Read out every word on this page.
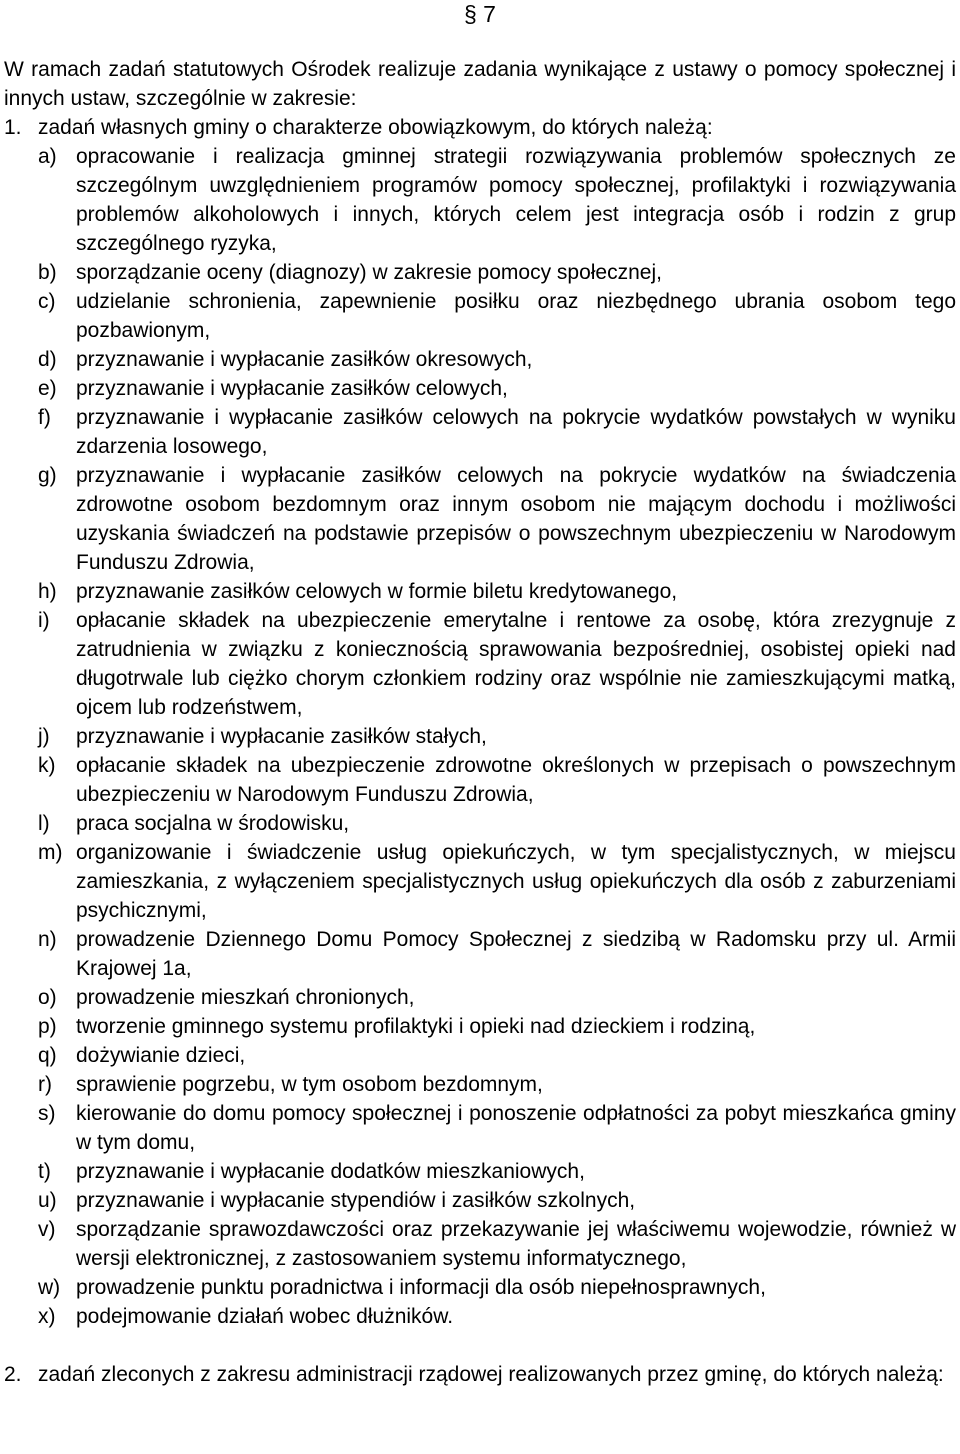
§ 7

W ramach zadań statutowych Ośrodek realizuje zadania wynikające z ustawy o pomocy społecznej i innych ustaw, szczególnie w zakresie:

1. zadań własnych gminy o charakterze obowiązkowym, do których należą:
a) opracowanie i realizacja gminnej strategii rozwiązywania problemów społecznych ze szczególnym uwzględnieniem programów pomocy społecznej, profilaktyki i rozwiązywania problemów alkoholowych i innych, których celem jest integracja osób i rodzin z grup szczególnego ryzyka,
b) sporządzanie oceny (diagnozy) w zakresie pomocy społecznej,
c) udzielanie schronienia, zapewnienie posiłku oraz niezbędnego ubrania osobom tego pozbawionym,
d) przyznawanie i wypłacanie zasiłków okresowych,
e) przyznawanie i wypłacanie zasiłków celowych,
f)	przyznawanie i wypłacanie zasiłków celowych na pokrycie wydatków powstałych w wyniku zdarzenia losowego,
g) przyznawanie i wypłacanie zasiłków celowych na pokrycie wydatków na świadczenia zdrowotne osobom bezdomnym oraz innym osobom nie mającym dochodu i możliwości uzyskania świadczeń na podstawie przepisów o powszechnym ubezpieczeniu w Narodowym Funduszu Zdrowia,
h) przyznawanie zasiłków celowych w formie biletu kredytowanego,
i)	opłacanie składek na ubezpieczenie emerytalne i rentowe za osobę, która zrezygnuje z zatrudnienia w związku z koniecznością sprawowania bezpośredniej, osobistej opieki nad długotrwale lub ciężko chorym członkiem rodziny oraz wspólnie nie zamieszkującymi matką, ojcem lub rodzeństwem,
j)	przyznawanie i wypłacanie zasiłków stałych,
k) opłacanie składek na ubezpieczenie zdrowotne określonych w przepisach o powszechnym ubezpieczeniu w Narodowym Funduszu Zdrowia,
l)	praca socjalna w środowisku,
m) organizowanie i świadczenie usług opiekuńczych, w tym specjalistycznych, w miejscu zamieszkania, z wyłączeniem specjalistycznych usług opiekuńczych dla osób z zaburzeniami psychicznymi,
n) prowadzenie Dziennego Domu Pomocy Społecznej z siedzibą w Radomsku przy ul. Armii Krajowej 1a,
o) prowadzenie mieszkań chronionych,
p) tworzenie gminnego systemu profilaktyki i opieki nad dzieckiem i rodziną,
q) dożywianie dzieci,
r)	sprawienie pogrzebu, w tym osobom bezdomnym,
s) kierowanie do domu pomocy społecznej i ponoszenie odpłatności za pobyt mieszkańca gminy w tym domu,
t)	przyznawanie i wypłacanie dodatków mieszkaniowych,
u) przyznawanie i wypłacanie stypendiów i zasiłków szkolnych,
v) sporządzanie sprawozdawczości oraz przekazywanie jej właściwemu wojewodzie, również w wersji elektronicznej, z zastosowaniem systemu informatycznego,
w) prowadzenie punktu poradnictwa i informacji dla osób niepełnosprawnych,
x) podejmowanie działań wobec dłużników.
2. zadań zleconych z zakresu administracji rządowej realizowanych przez gminę, do których należą:
